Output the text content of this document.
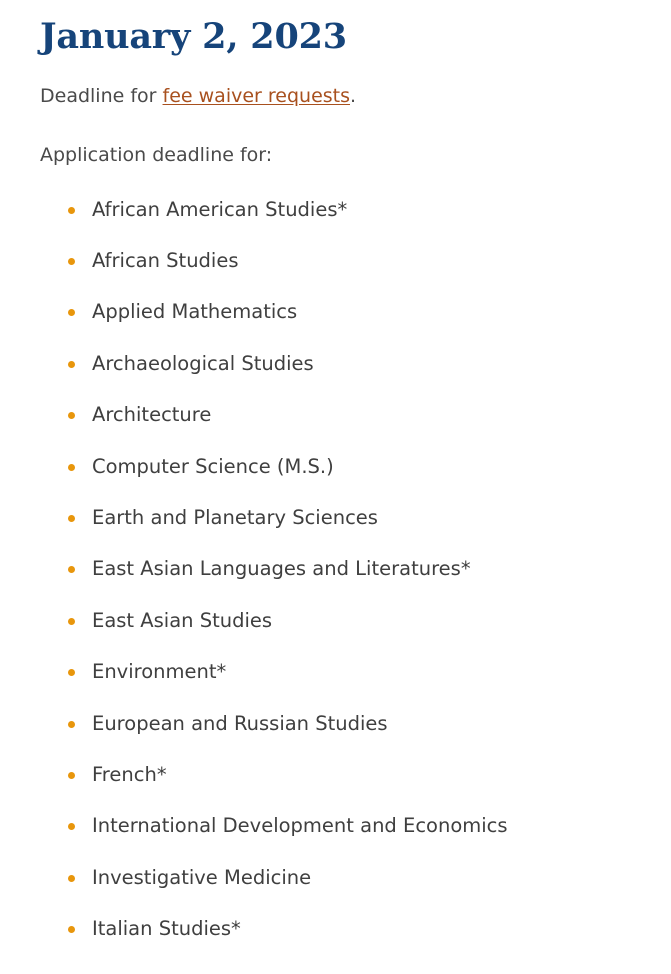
January 2, 2023

Deadline for fee waiver requests.

Application deadline for:

African American Studies*
African Studies
Applied Mathematics
Archaeological Studies
Architecture
Computer Science (M.S.)
Earth and Planetary Sciences
East Asian Languages and Literatures*
East Asian Studies
Environment*
European and Russian Studies
French*
International Development and Economics
Investigative Medicine
Italian Studies*
